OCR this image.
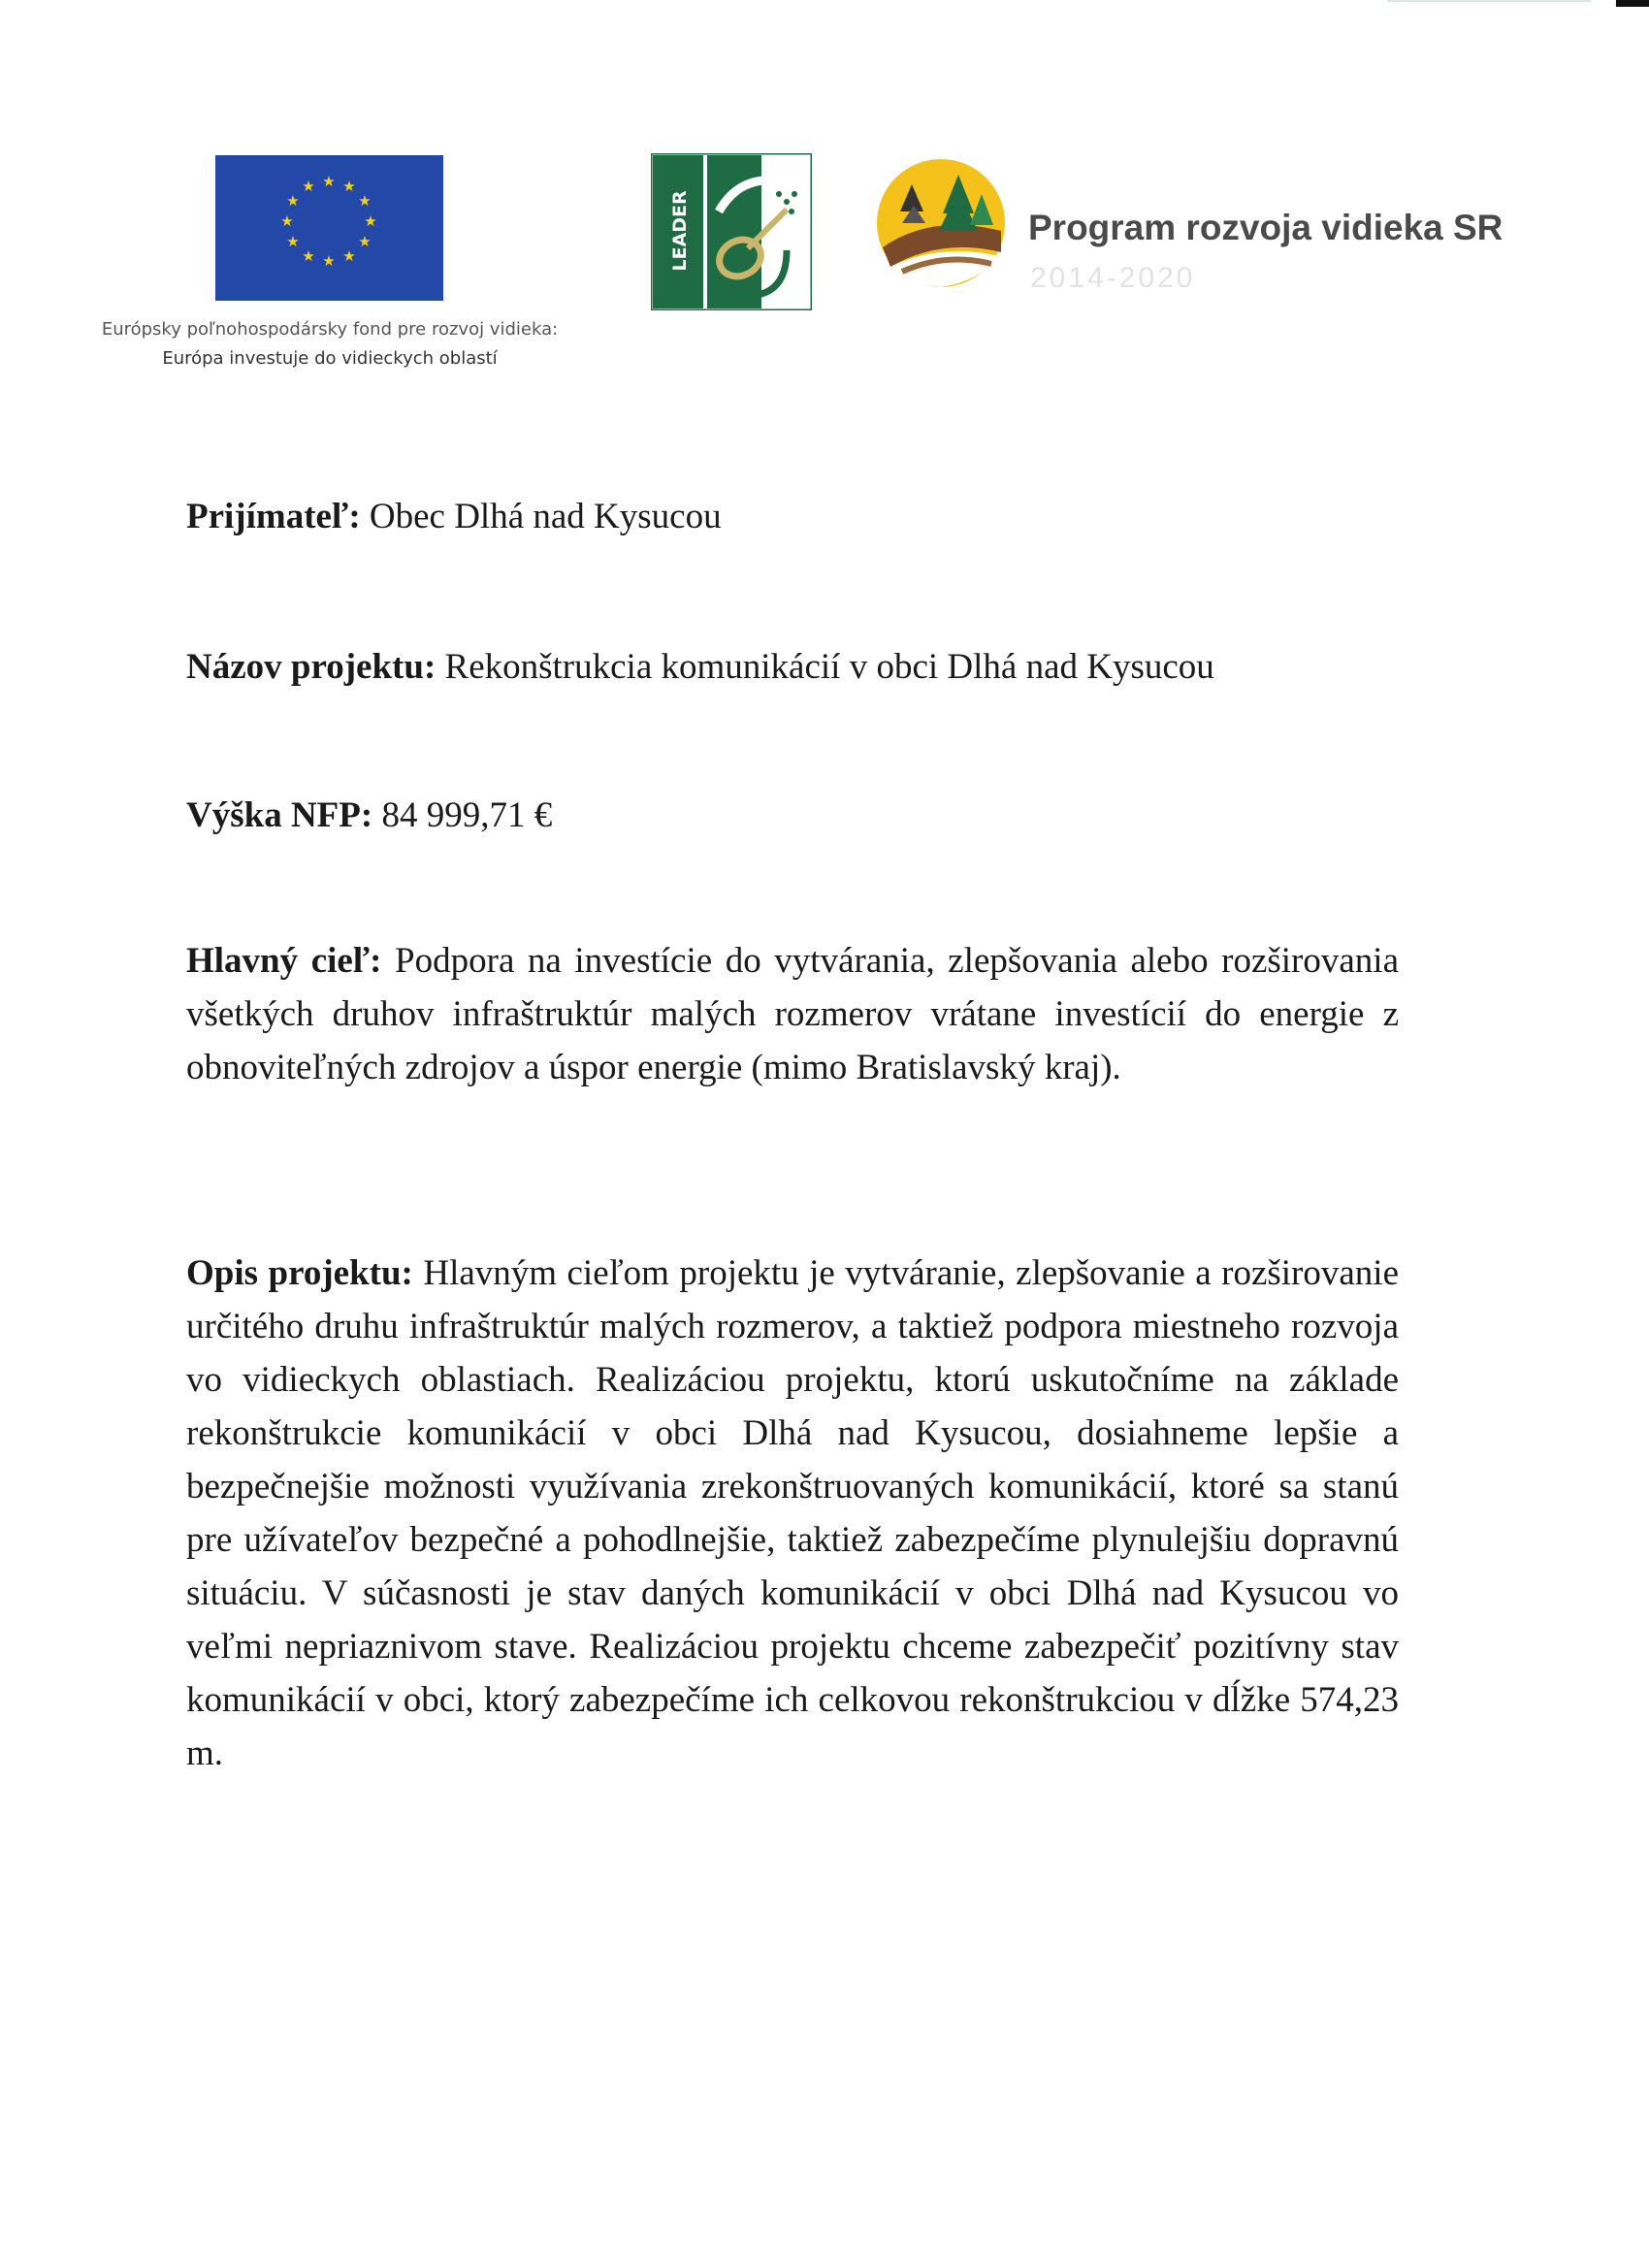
★ ★
★
★
★
★
★
★
★
★
★
★
Európsky poľnohospodársky fond pre rozvoj vidieka:
Európa investuje do vidieckych oblastí
LEADER	Program rozvoja vidieka SR
2014-2020
Prijímateľ: Obec Dlhá nad Kysucou
Názov projektu: Rekonštrukcia komunikácií v obci Dlhá nad Kysucou
Výška NFP: 84 999,71 €
Hlavný cieľ: Podpora na investície do vytvárania, zlepšovania alebo rozširovania všetkých druhov infraštruktúr malých rozmerov vrátane investícií do energie z obnoviteľných zdrojov a úspor energie (mimo Bratislavský kraj).
Opis projektu: Hlavným cieľom projektu je vytváranie, zlepšovanie a rozširovanie určitého druhu infraštruktúr malých rozmerov, a taktiež podpora miestneho rozvoja vo vidieckych oblastiach. Realizáciou projektu, ktorú uskutočníme na základe rekonštrukcie komunikácií v obci Dlhá nad Kysucou, dosiahneme lepšie a bezpečnejšie možnosti využívania zrekonštruovaných komunikácií, ktoré sa stanú pre užívateľov bezpečné a pohodlnejšie, taktiež zabezpečíme plynulejšiu dopravnú situáciu. V súčasnosti je stav daných komunikácií v obci Dlhá nad Kysucou vo veľmi nepriaznivom stave. Realizáciou projektu chceme zabezpečiť pozitívny stav komunikácií v obci, ktorý zabezpečíme ich celkovou rekonštrukciou v dĺžke 574,23 m.
